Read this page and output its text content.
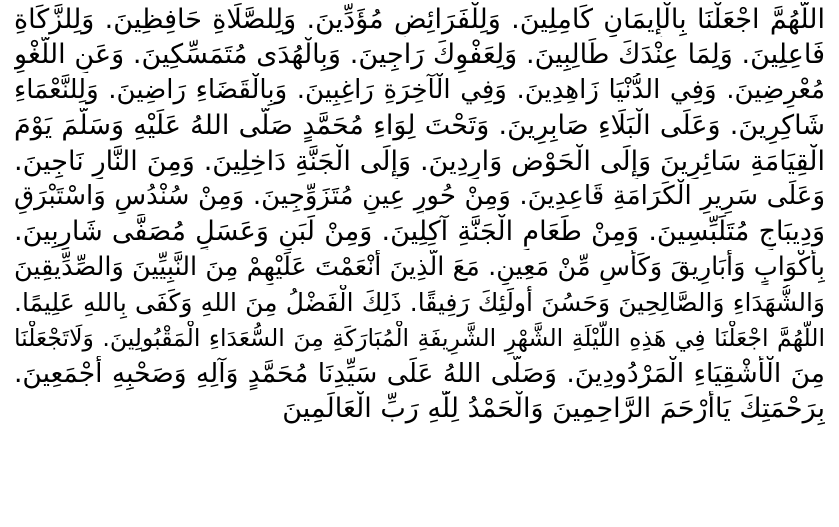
اللَّهُمَّ اجْعَلْنَا بِالْإِيمَانِ كَامِلِينَ. وَلِلْفَرَائِضِ مُؤَدِّينَ. وَلِلصَّلَاةِ حَافِظِينَ. وَلِلزَّكَاةِ
فَاعِلِينَ. وَلِمَا عِنْدَكَ طَالِبِينَ. وَلِعَفْوِكَ رَاجِينَ. وَبِالْهُدَى مُتَمَسِّكِينَ. وَعَنِ اللَّغْوِ
مُعْرِضِينَ. وَفِي الدُّنْيَا زَاهِدِينَ. وَفِي الْآخِرَةِ رَاغِبِينَ. وَبِالْقَضَاءِ رَاضِينَ. وَلِلنَّعْمَاءِ
شَاكِرِينَ. وَعَلَى الْبَلَاءِ صَابِرِينَ. وَتَحْتَ لِوَاءِ مُحَمَّدٍ صَلَّى اللهُ عَلَيْهِ وَسَلَّمَ يَوْمَ
الْقِيَامَةِ سَائِرِينَ وَإِلَى الْحَوْضِ وَارِدِينَ. وَإِلَى الْجَنَّةِ دَاخِلِينَ. وَمِنَ النَّارِ نَاجِينَ.
وَعَلَى سَرِيرِ الْكَرَامَةِ قَاعِدِينَ. وَمِنْ حُورٍ عِينٍ مُتَزَوِّجِينَ. وَمِنْ سُنْدُسٍ وَاسْتَبْرَقٍ
وَدِيبَاجٍ مُتَلَبِّسِينَ. وَمِنْ طَعَامِ الْجَنَّةِ آكِلِينَ. وَمِنْ لَبَنٍ وَعَسَلٍ مُصَفًّى شَارِبِينَ.
بِأَكْوَابٍ وَأَبَارِيقَ وَكَأْسٍ مِّنْ مَعِينٍ. مَعَ الَّذِينَ أَنْعَمْتَ عَلَيْهِمْ مِنَ النَّبِيِّينَ وَالصِّدِّيقِينَ
وَالشُّهَدَاءِ وَالصَّالِحِينَ وَحَسُنَ أُولَئِكَ رَفِيقًا. ذَلِكَ الْفَضْلُ مِنَ اللهِ وَكَفَى بِاللهِ عَلِيمًا.
اللَّهُمَّ اجْعَلْنَا فِي هَذِهِ اللَّيْلَةِ الشَّهْرِ الشَّرِيفَةِ الْمُبَارَكَةِ مِنَ السُّعَدَاءِ الْمَقْبُولِينَ. وَلَاتَجْعَلْنَا
مِنَ الْأَشْقِيَاءِ الْمَرْدُودِينَ. وَصَلَّى اللهُ عَلَى سَيِّدِنَا مُحَمَّدٍ وَآلِهِ وَصَحْبِهِ أَجْمَعِينَ.
بِرَحْمَتِكَ يَاأَرْحَمَ الرَّاحِمِينَ وَالْحَمْدُ لِلّٰهِ رَبِّ الْعَالَمِينَ
